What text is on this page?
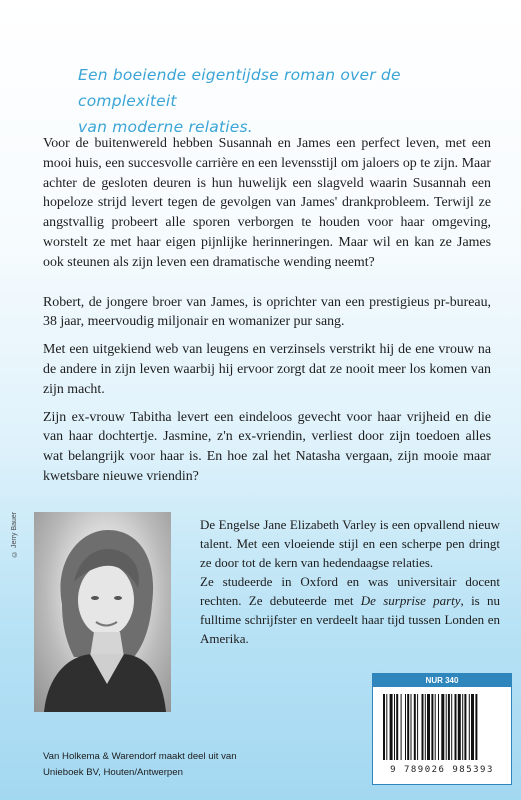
Een boeiende eigentijdse roman over de complexiteit
van moderne relaties.

Voor de buitenwereld hebben Susannah en James een perfect leven, met een mooi huis, een succesvolle carrière en een levensstijl om jaloers op te zijn. Maar achter de gesloten deuren is hun huwelijk een slagveld waarin Susannah een hopeloze strijd levert tegen de gevolgen van James' drankprobleem. Terwijl ze angstvallig probeert alle sporen verborgen te houden voor haar omgeving, worstelt ze met haar eigen pijnlijke herinneringen. Maar wil en kan ze James ook steunen als zijn leven een dramatische wending neemt?

Robert, de jongere broer van James, is oprichter van een prestigieus pr-bureau, 38 jaar, meervoudig miljonair en womanizer pur sang.

Met een uitgekiend web van leugens en verzinsels verstrikt hij de ene vrouw na de andere in zijn leven waarbij hij ervoor zorgt dat ze nooit meer los komen van zijn macht.

Zijn ex-vrouw Tabitha levert een eindeloos gevecht voor haar vrijheid en die van haar dochtertje. Jasmine, z'n ex-vriendin, verliest door zijn toedoen alles wat belangrijk voor haar is. En hoe zal het Natasha vergaan, zijn mooie maar kwetsbare nieuwe vriendin?

© Jerry Bauer	De Engelse Jane Elizabeth Varley is een opvallend nieuw talent. Met een vloeiende stijl en een scherpe pen dringt ze door tot de kern van hedendaagse relaties.

Ze studeerde in Oxford en was universitair docent rechten. Ze debuteerde met De surprise party, is nu fulltime schrijfster en verdeelt haar tijd tussen Londen en Amerika.

NUR 340
9 789026 985393
Van Holkema & Warendorf maakt deel uit van
Unieboek BV, Houten/Antwerpen
